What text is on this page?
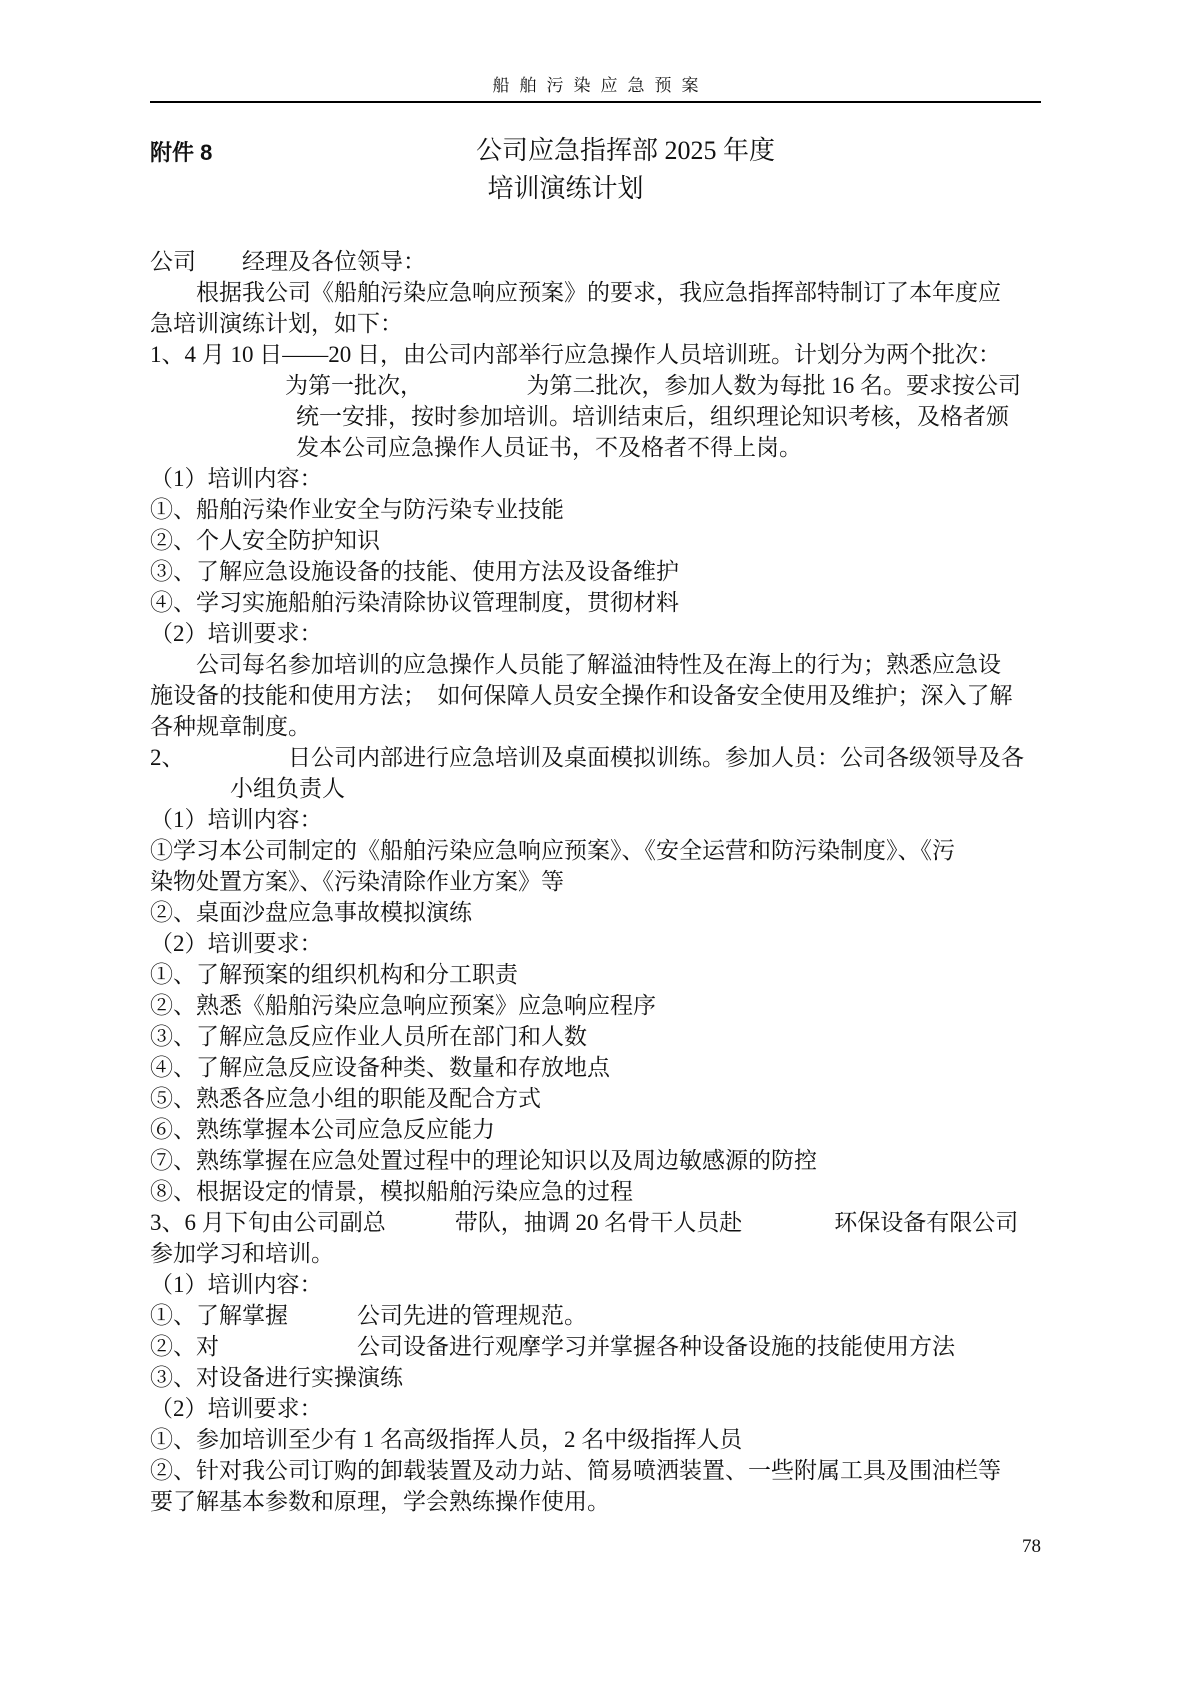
船舶污染应急预案
附件 8	公司应急指挥部 2025 年度
培训演练计划
公司　　经理及各位领导：
　　根据我公司《船舶污染应急响应预案》的要求，我应急指挥部特制订了本年度应
急培训演练计划，如下：
1、4 月 10 日——20 日，由公司内部举行应急操作人员培训班。计划分为两个批次：
为第一批次，　　　　　为第二批次，参加人数为每批 16 名。要求按公司
统一安排，按时参加培训。培训结束后，组织理论知识考核，及格者颁
发本公司应急操作人员证书，不及格者不得上岗。
（1）培训内容：
①、船舶污染作业安全与防污染专业技能
②、个人安全防护知识
③、了解应急设施设备的技能、使用方法及设备维护
④、学习实施船舶污染清除协议管理制度，贯彻材料
（2）培训要求：
　　公司每名参加培训的应急操作人员能了解溢油特性及在海上的行为；熟悉应急设
施设备的技能和使用方法；　如何保障人员安全操作和设备安全使用及维护；深入了解
各种规章制度。
2、　　　　　日公司内部进行应急培训及桌面模拟训练。参加人员：公司各级领导及各
小组负责人
（1）培训内容：
①学习本公司制定的《船舶污染应急响应预案》、《安全运营和防污染制度》、《污
染物处置方案》、《污染清除作业方案》等
②、桌面沙盘应急事故模拟演练
（2）培训要求：
①、了解预案的组织机构和分工职责
②、熟悉《船舶污染应急响应预案》应急响应程序
③、了解应急反应作业人员所在部门和人数
④、了解应急反应设备种类、数量和存放地点
⑤、熟悉各应急小组的职能及配合方式
⑥、熟练掌握本公司应急反应能力
⑦、熟练掌握在应急处置过程中的理论知识以及周边敏感源的防控
⑧、根据设定的情景，模拟船舶污染应急的过程
3、6 月下旬由公司副总　　　带队，抽调 20 名骨干人员赴　　　　环保设备有限公司
参加学习和培训。
（1）培训内容：
①、了解掌握　　　公司先进的管理规范。
②、对　　　　　　公司设备进行观摩学习并掌握各种设备设施的技能使用方法
③、对设备进行实操演练
（2）培训要求：
①、参加培训至少有 1 名高级指挥人员，2 名中级指挥人员
②、针对我公司订购的卸载装置及动力站、简易喷洒装置、一些附属工具及围油栏等
要了解基本参数和原理，学会熟练操作使用。
78
